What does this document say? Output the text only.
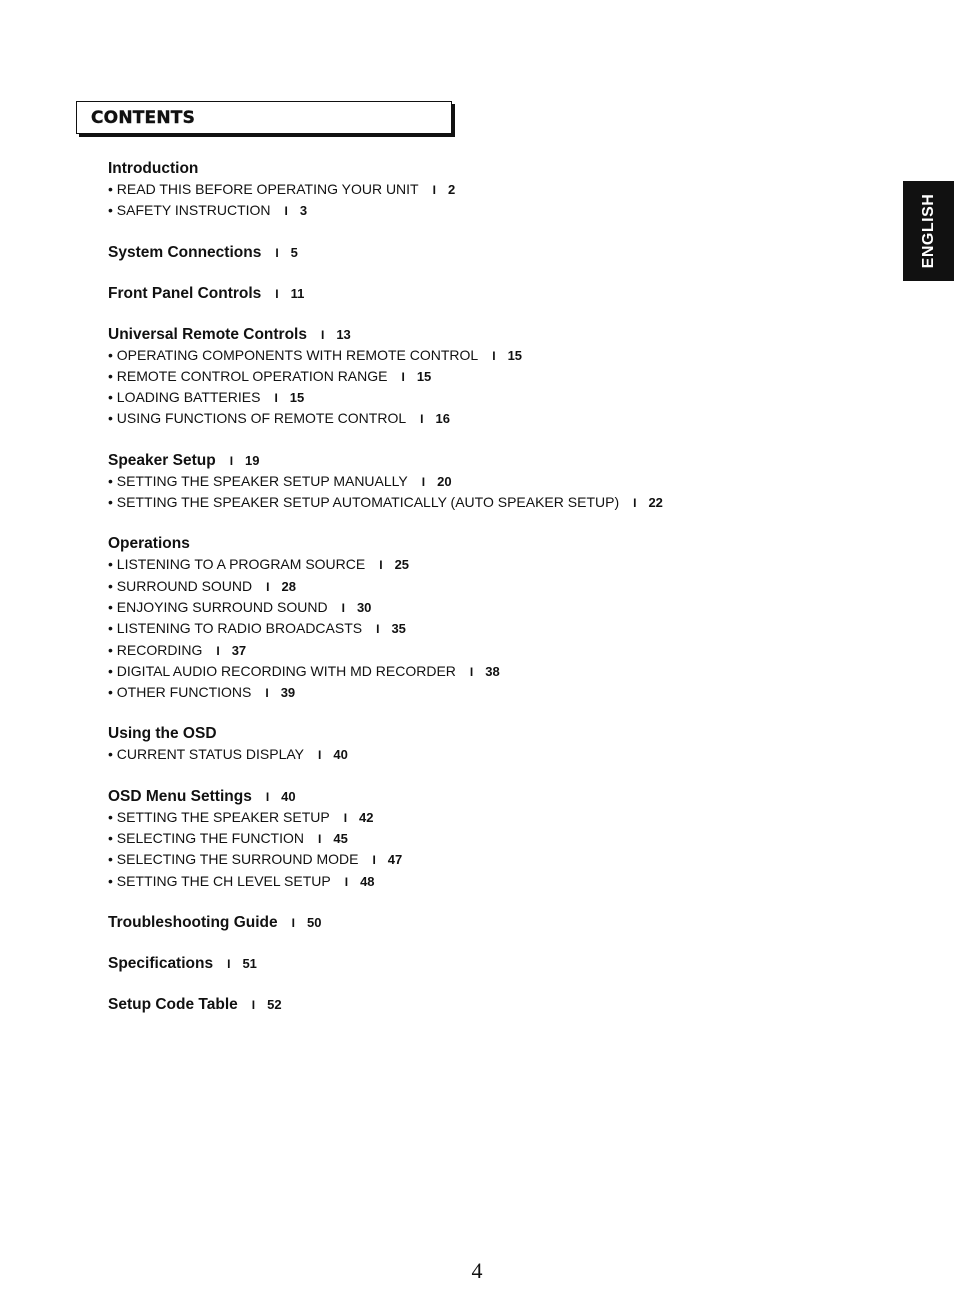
CONTENTS
Introduction
• READ THIS BEFORE OPERATING YOUR UNIT I 2
• SAFETY INSTRUCTION I 3
System Connections I 5
Front Panel Controls I 11
Universal Remote Controls I 13
• OPERATING COMPONENTS WITH REMOTE CONTROL I 15
• REMOTE CONTROL OPERATION RANGE I 15
• LOADING BATTERIES I 15
• USING FUNCTIONS OF REMOTE CONTROL I 16
Speaker Setup I 19
• SETTING THE SPEAKER SETUP MANUALLY I 20
• SETTING THE SPEAKER SETUP AUTOMATICALLY (AUTO SPEAKER SETUP) I 22
Operations
• LISTENING TO A PROGRAM SOURCE I 25
• SURROUND SOUND I 28
• ENJOYING SURROUND SOUND I 30
• LISTENING TO RADIO BROADCASTS I 35
• RECORDING I 37
• DIGITAL AUDIO RECORDING WITH MD RECORDER I 38
• OTHER FUNCTIONS I 39
Using the OSD
• CURRENT STATUS DISPLAY I 40
OSD Menu Settings I 40
• SETTING THE SPEAKER SETUP I 42
• SELECTING THE FUNCTION I 45
• SELECTING THE SURROUND MODE I 47
• SETTING THE CH LEVEL SETUP I 48
Troubleshooting Guide I 50
Specifications I 51
Setup Code Table I 52
ENGLISH
4
